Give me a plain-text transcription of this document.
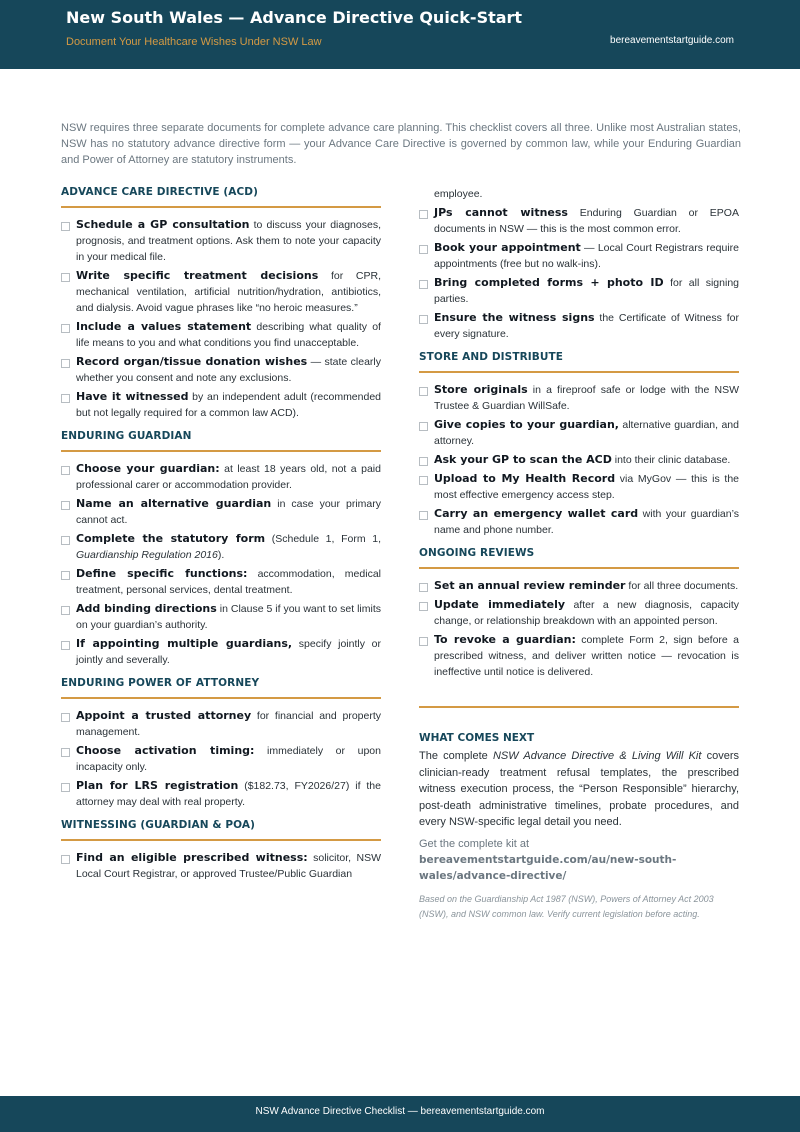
New South Wales — Advance Directive Quick-Start
Document Your Healthcare Wishes Under NSW Law	bereavementstartguide.com

NSW requires three separate documents for complete advance care planning. This checklist covers all three. Unlike most Australian states, NSW has no statutory advance directive form — your Advance Care Directive is governed by common law, while your Enduring Guardian and Power of Attorney are statutory instruments.

ADVANCE CARE DIRECTIVE (ACD)
Schedule a GP consultation to discuss your diagnoses, prognosis, and treatment options. Ask them to note your capacity in your medical file.
Write specific treatment decisions for CPR, mechanical ventilation, artificial nutrition/hydration, antibiotics, and dialysis. Avoid vague phrases like “no heroic measures.”
Include a values statement describing what quality of life means to you and what conditions you find unacceptable.
Record organ/tissue donation wishes — state clearly whether you consent and note any exclusions.
Have it witnessed by an independent adult (recommended but not legally required for a common law ACD).
ENDURING GUARDIAN
Choose your guardian: at least 18 years old, not a paid professional carer or accommodation provider.
Name an alternative guardian in case your primary cannot act.
Complete the statutory form (Schedule 1, Form 1, Guardianship Regulation 2016).
Define specific functions: accommodation, medical treatment, personal services, dental treatment.
Add binding directions in Clause 5 if you want to set limits on your guardian’s authority.
If appointing multiple guardians, specify jointly or jointly and severally.
ENDURING POWER OF ATTORNEY
Appoint a trusted attorney for financial and property management.
Choose activation timing: immediately or upon incapacity only.
Plan for LRS registration ($182.73, FY2026/27) if the attorney may deal with real property.
WITNESSING (GUARDIAN & POA)
Find an eligible prescribed witness: solicitor, NSW Local Court Registrar, or approved Trustee/Public Guardian
employee.
JPs cannot witness Enduring Guardian or EPOA documents in NSW — this is the most common error.
Book your appointment — Local Court Registrars require appointments (free but no walk-ins).
Bring completed forms + photo ID for all signing parties.
Ensure the witness signs the Certificate of Witness for every signature.
STORE AND DISTRIBUTE
Store originals in a fireproof safe or lodge with the NSW Trustee & Guardian WillSafe.
Give copies to your guardian, alternative guardian, and attorney.
Ask your GP to scan the ACD into their clinic database.
Upload to My Health Record via MyGov — this is the most effective emergency access step.
Carry an emergency wallet card with your guardian’s name and phone number.
ONGOING REVIEWS
Set an annual review reminder for all three documents.
Update immediately after a new diagnosis, capacity change, or relationship breakdown with an appointed person.
To revoke a guardian: complete Form 2, sign before a prescribed witness, and deliver written notice — revocation is ineffective until notice is delivered.
WHAT COMES NEXT

The complete NSW Advance Directive & Living Will Kit covers clinician-ready treatment refusal templates, the prescribed witness execution process, the “Person Responsible” hierarchy, post-death administrative timelines, probate procedures, and every NSW-specific legal detail you need.

Get the complete kit at
bereavementstartguide.com/au/new-south-wales/advance-directive/

Based on the Guardianship Act 1987 (NSW), Powers of Attorney Act 2003 (NSW), and NSW common law. Verify current legislation before acting.

NSW Advance Directive Checklist — bereavementstartguide.com
